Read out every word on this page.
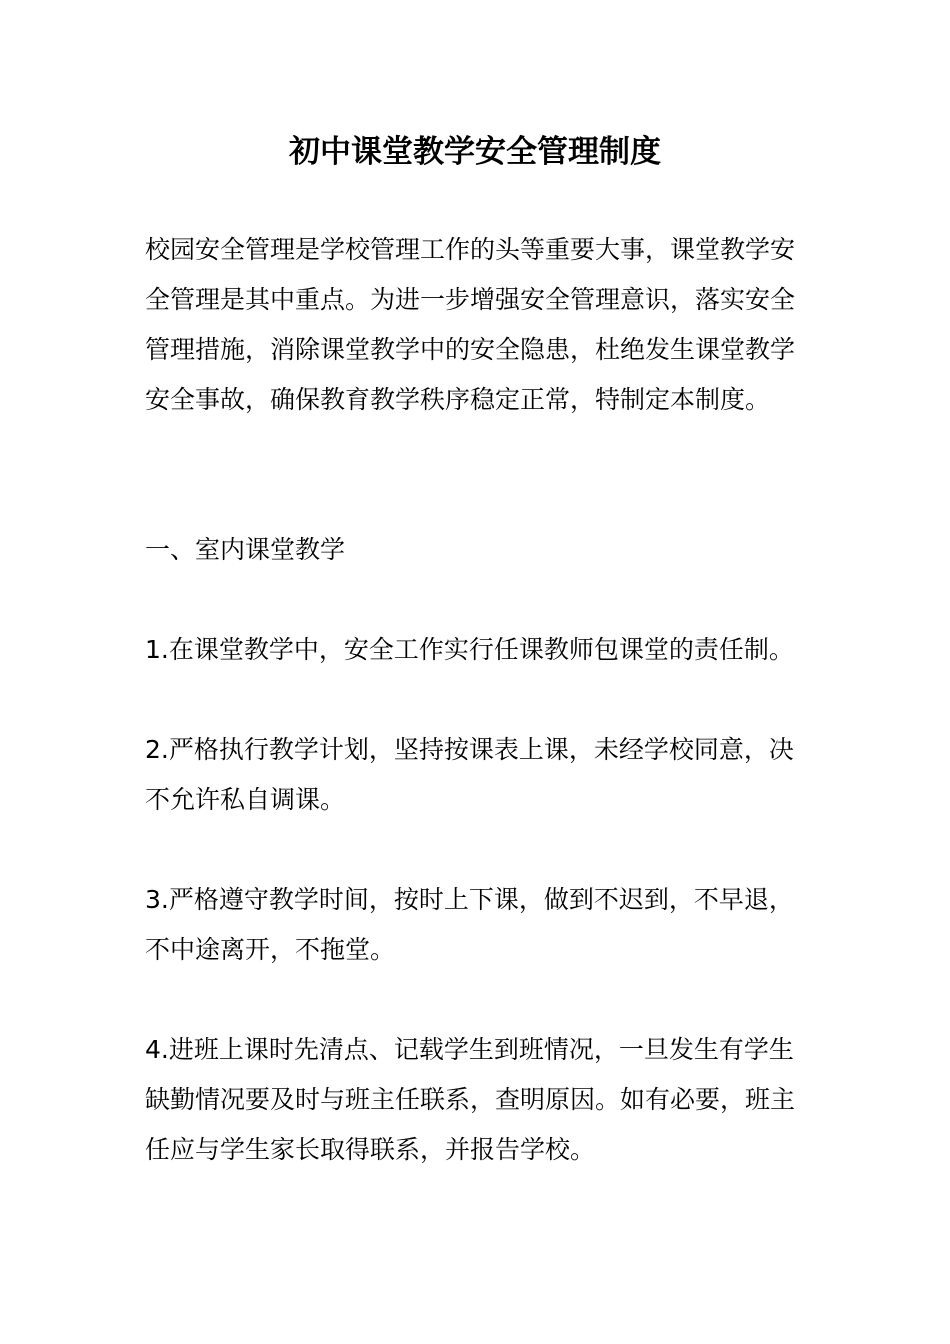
初中课堂教学安全管理制度

校园安全管理是学校管理工作的头等重要大事，课堂教学安全管理是其中重点。为进一步增强安全管理意识，落实安全管理措施，消除课堂教学中的安全隐患，杜绝发生课堂教学安全事故，确保教育教学秩序稳定正常，特制定本制度。

一、室内课堂教学

1.在课堂教学中，安全工作实行任课教师包课堂的责任制。

2.严格执行教学计划，坚持按课表上课，未经学校同意，决不允许私自调课。

3.严格遵守教学时间，按时上下课，做到不迟到，不早退，不中途离开，不拖堂。

4.进班上课时先清点、记载学生到班情况，一旦发生有学生缺勤情况要及时与班主任联系，查明原因。如有必要，班主任应与学生家长取得联系，并报告学校。
